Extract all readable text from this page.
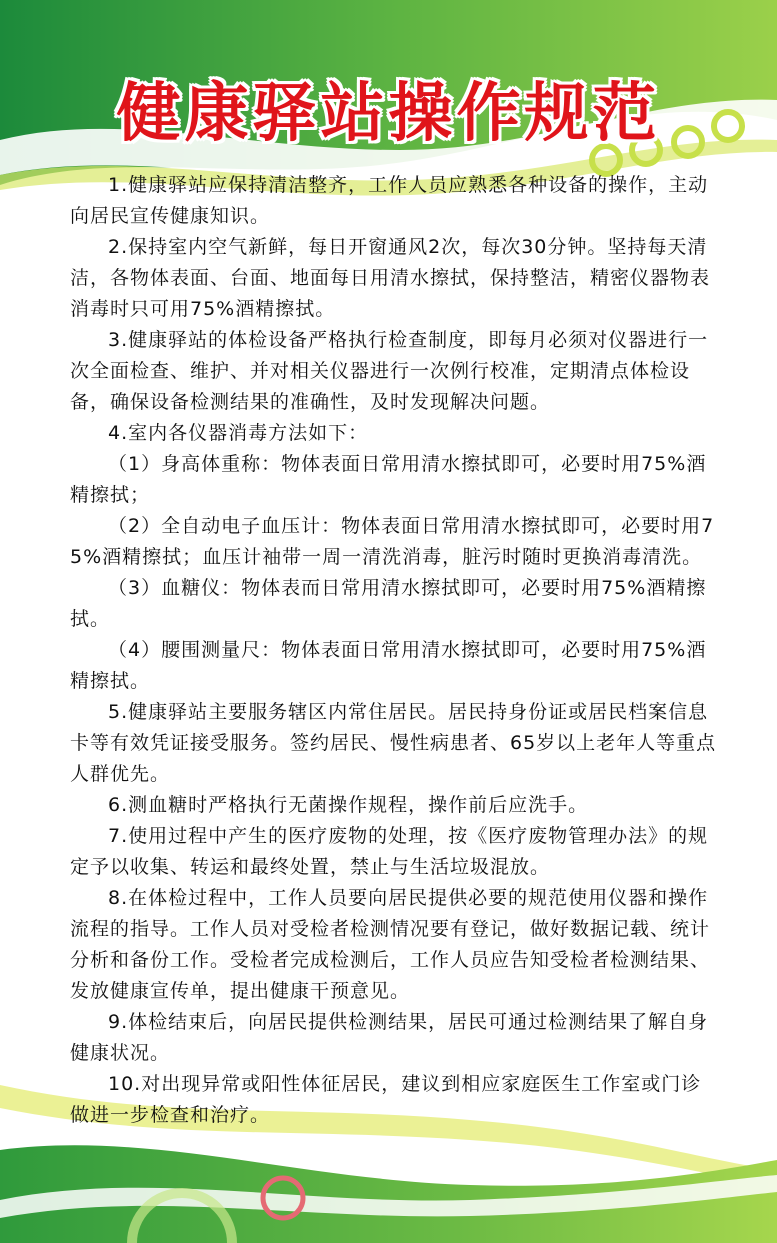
健康驿站操作规范

1.健康驿站应保持清洁整齐，工作人员应熟悉各种设备的操作，主动向居民宣传健康知识。

2.保持室内空气新鲜，每日开窗通风2次，每次30分钟。坚持每天清洁，各物体表面、台面、地面每日用清水擦拭，保持整洁，精密仪器物表消毒时只可用75%酒精擦拭。

3.健康驿站的体检设备严格执行检查制度，即每月必须对仪器进行一次全面检查、维护、并对相关仪器进行一次例行校准，定期清点体检设备，确保设备检测结果的准确性，及时发现解决问题。

4.室内各仪器消毒方法如下：

（1）身高体重称：物体表面日常用清水擦拭即可，必要时用75%酒精擦拭；

（2）全自动电子血压计：物体表面日常用清水擦拭即可，必要时用75%酒精擦拭；血压计袖带一周一清洗消毒，脏污时随时更换消毒清洗。

（3）血糖仪：物体表而日常用清水擦拭即可，必要时用75%酒精擦拭。

（4）腰围测量尺：物体表面日常用清水擦拭即可，必要时用75%酒精擦拭。

5.健康驿站主要服务辖区内常住居民。居民持身份证或居民档案信息卡等有效凭证接受服务。签约居民、慢性病患者、65岁以上老年人等重点人群优先。

6.测血糖时严格执行无菌操作规程，操作前后应洗手。

7.使用过程中产生的医疗废物的处理，按《医疗废物管理办法》的规定予以收集、转运和最终处置，禁止与生活垃圾混放。

8.在体检过程中，工作人员要向居民提供必要的规范使用仪器和操作流程的指导。工作人员对受检者检测情况要有登记，做好数据记载、统计分析和备份工作。受检者完成检测后，工作人员应告知受检者检测结果、发放健康宣传单，提出健康干预意见。

9.体检结束后，向居民提供检测结果，居民可通过检测结果了解自身健康状况。

10.对出现异常或阳性体征居民，建议到相应家庭医生工作室或门诊做进一步检查和治疗。
